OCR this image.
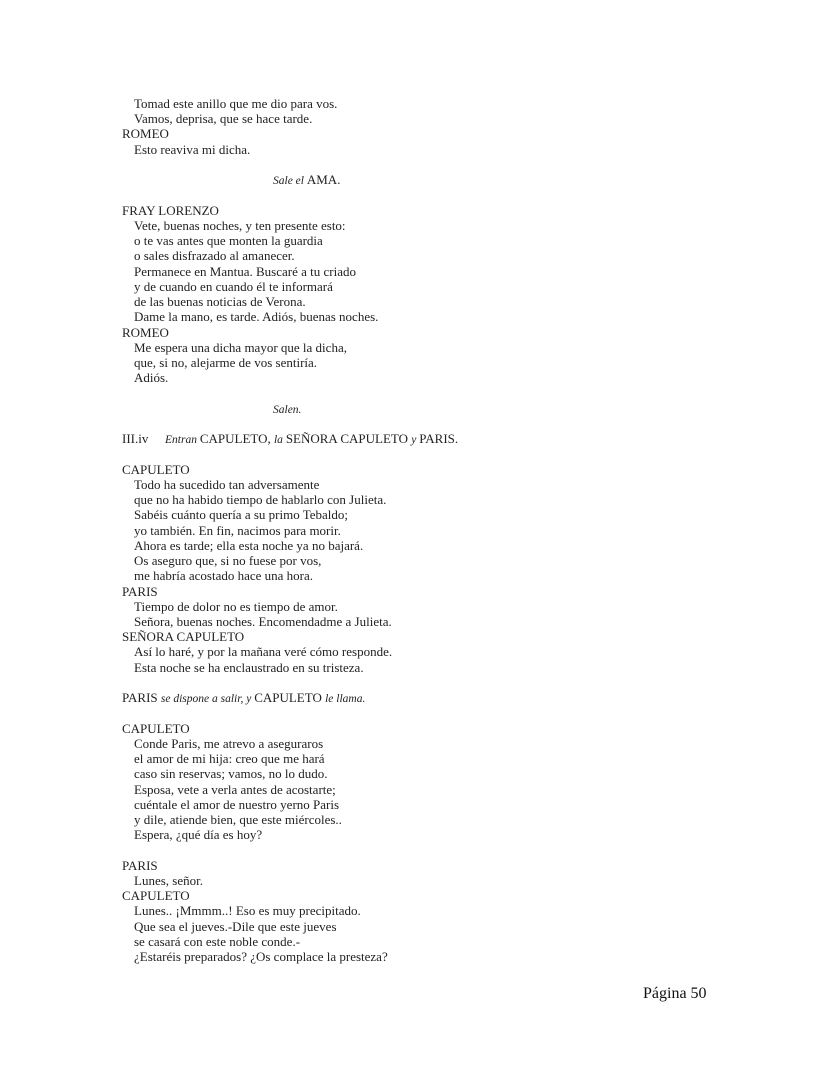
Tomad este anillo que me dio para vos.
Vamos, deprisa, que se hace tarde.
ROMEO
Esto reaviva mi dicha.
Sale el AMA.
FRAY LORENZO
Vete, buenas noches, y ten presente esto:
o te vas antes que monten la guardia
o sales disfrazado al amanecer.
Permanece en Mantua. Buscaré a tu criado
y de cuando en cuando él te informará
de las buenas noticias de Verona.
Dame la mano, es tarde. Adiós, buenas noches.
ROMEO
Me espera una dicha mayor que la dicha,
que, si no, alejarme de vos sentiría.
Adiós.
Salen.
III.iv Entran CAPULETO, la SEÑORA CAPULETO y PARIS.
CAPULETO
Todo ha sucedido tan adversamente
que no ha habido tiempo de hablarlo con Julieta.
Sabéis cuánto quería a su primo Tebaldo;
yo también. En fin, nacimos para morir.
Ahora es tarde; ella esta noche ya no bajará.
Os aseguro que, si no fuese por vos,
me habría acostado hace una hora.
PARIS
Tiempo de dolor no es tiempo de amor.
Señora, buenas noches. Encomendadme a Julieta.
SEÑORA CAPULETO
Así lo haré, y por la mañana veré cómo responde.
Esta noche se ha enclaustrado en su tristeza.
PARIS se dispone a salir, y CAPULETO le llama.
CAPULETO
Conde Paris, me atrevo a aseguraros
el amor de mi hija: creo que me hará
caso sin reservas; vamos, no lo dudo.
Esposa, vete a verla antes de acostarte;
cuéntale el amor de nuestro yerno Paris
y dile, atiende bien, que este miércoles..
Espera, ¿qué día es hoy?
PARIS
Lunes, señor.
CAPULETO
Lunes.. ¡Mmmm..! Eso es muy precipitado.
Que sea el jueves.-Dile que este jueves
se casará con este noble conde.-
¿Estaréis preparados? ¿Os complace la presteza?
Página 50
